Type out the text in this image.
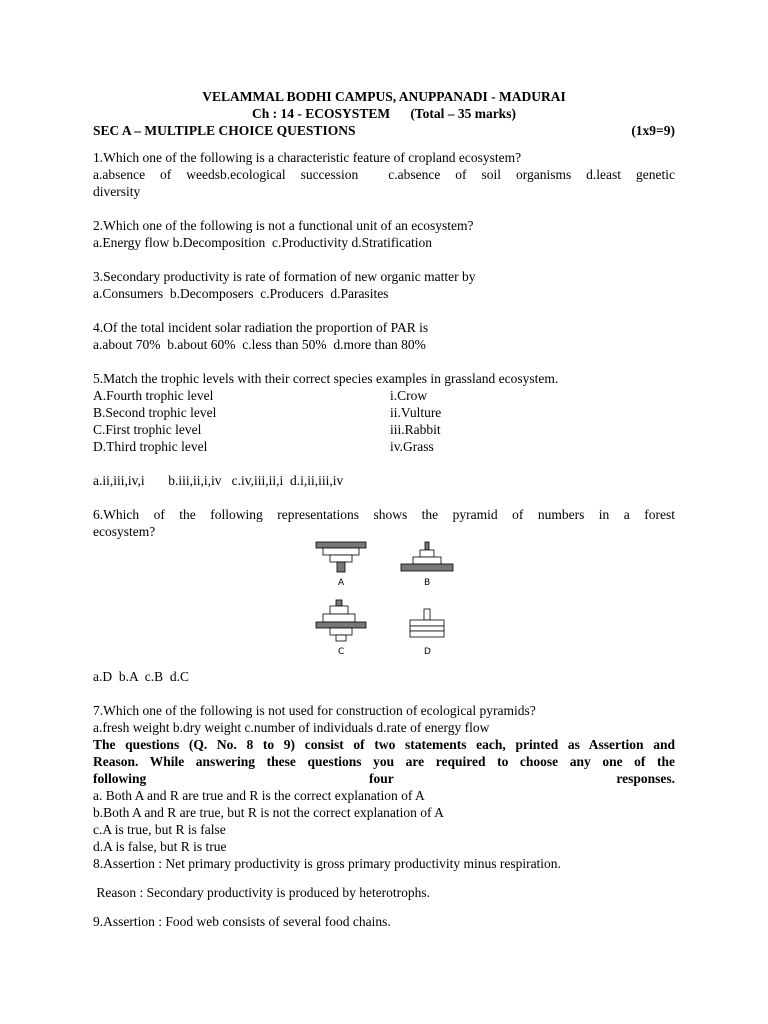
VELAMMAL BODHI CAMPUS, ANUPPANADI - MADURAI
Ch : 14 - ECOSYSTEM      (Total – 35 marks)
SEC A – MULTIPLE CHOICE QUESTIONS	(1x9=9)
1.Which one of the following is a characteristic feature of cropland ecosystem?
a.absence of weedsb.ecological succession  c.absence of soil organisms d.least genetic
diversity
2.Which one of the following is not a functional unit of an ecosystem?
a.Energy flow b.Decomposition  c.Productivity d.Stratification
3.Secondary productivity is rate of formation of new organic matter by
a.Consumers  b.Decomposers  c.Producers  d.Parasites
4.Of the total incident solar radiation the proportion of PAR is
a.about 70%  b.about 60%  c.less than 50%  d.more than 80%
5.Match the trophic levels with their correct species examples in grassland ecosystem.
A.Fourth trophic level	i.Crow
B.Second trophic level	ii.Vulture
C.First trophic level	iii.Rabbit
D.Third trophic level	iv.Grass
a.ii,iii,iv,i       b.iii,ii,i,iv   c.iv,iii,ii,i  d.i,ii,iii,iv
6.Which of the following representations shows the pyramid of numbers in a forest
ecosystem?
A	B
C	D
a.D  b.A  c.B  d.C
7.Which one of the following is not used for construction of ecological pyramids?
a.fresh weight b.dry weight c.number of individuals d.rate of energy flow
The questions (Q. No. 8 to 9) consist of two statements each, printed as Assertion and
Reason. While answering these questions you are required to choose any one of the
following four responses.
a. Both A and R are true and R is the correct explanation of A
b.Both A and R are true, but R is not the correct explanation of A
c.A is true, but R is false
d.A is false, but R is true
8.Assertion : Net primary productivity is gross primary productivity minus respiration.
Reason : Secondary productivity is produced by heterotrophs.
9.Assertion : Food web consists of several food chains.
